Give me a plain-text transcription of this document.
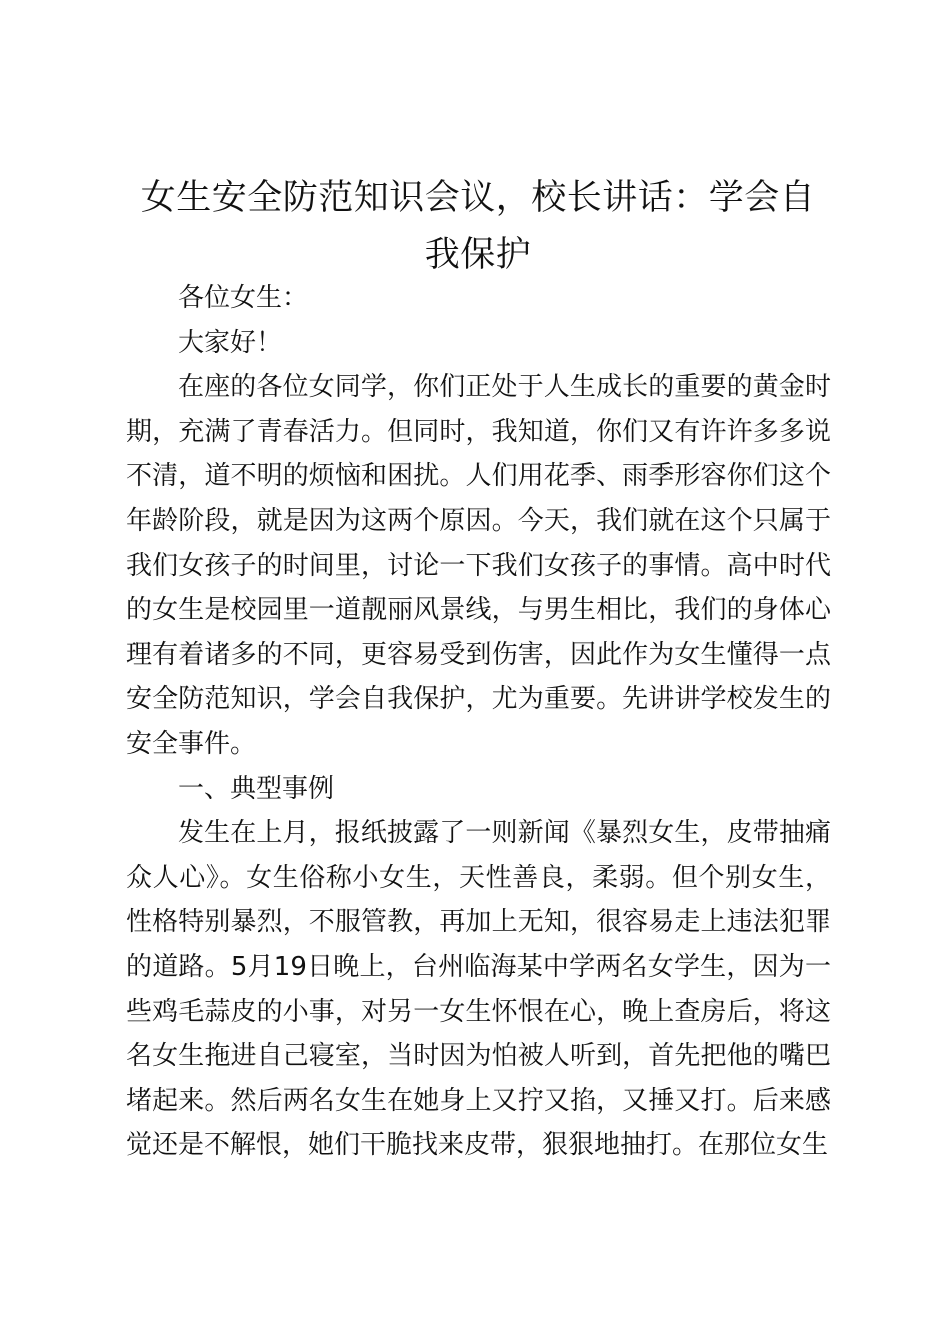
女生安全防范知识会议，校长讲话：学会自我保护

各位女生：

大家好！

在座的各位女同学，你们正处于人生成长的重要的黄金时期，充满了青春活力。但同时，我知道，你们又有许许多多说不清，道不明的烦恼和困扰。人们用花季、雨季形容你们这个年龄阶段，就是因为这两个原因。今天，我们就在这个只属于我们女孩子的时间里，讨论一下我们女孩子的事情。高中时代的女生是校园里一道靓丽风景线，与男生相比，我们的身体心理有着诸多的不同，更容易受到伤害，因此作为女生懂得一点安全防范知识，学会自我保护，尤为重要。先讲讲学校发生的安全事件。

一、典型事例

发生在上月，报纸披露了一则新闻《暴烈女生，皮带抽痛众人心》。女生俗称小女生，天性善良，柔弱。但个别女生，性格特别暴烈，不服管教，再加上无知，很容易走上违法犯罪的道路。5月19日晚上，台州临海某中学两名女学生，因为一些鸡毛蒜皮的小事，对另一女生怀恨在心，晚上查房后，将这名女生拖进自己寝室，当时因为怕被人听到，首先把他的嘴巴堵起来。然后两名女生在她身上又拧又掐，又捶又打。后来感觉还是不解恨，她们干脆找来皮带，狠狠地抽打。在那位女生
